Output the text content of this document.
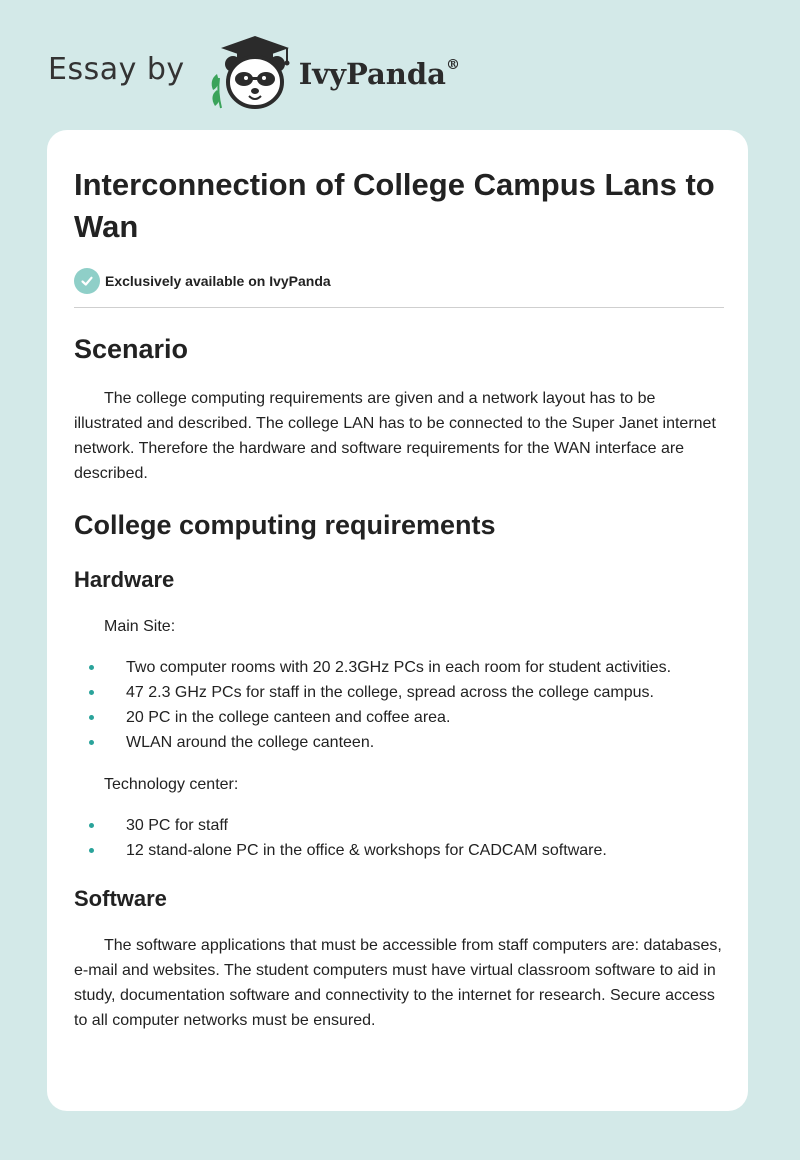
Essay by	IvyPanda®
Interconnection of College Campus Lans to Wan
Exclusively available on IvyPanda
Scenario

The college computing requirements are given and a network layout has to be illustrated and described. The college LAN has to be connected to the Super Janet internet network. Therefore the hardware and software requirements for the WAN interface are described.

College computing requirements
Hardware
Main Site:
Two computer rooms with 20 2.3GHz PCs in each room for student activities.
47 2.3 GHz PCs for staff in the college, spread across the college campus.
20 PC in the college canteen and coffee area.
WLAN around the college canteen.
Technology center:
30 PC for staff
12 stand-alone PC in the office & workshops for CADCAM software.
Software

The software applications that must be accessible from staff computers are: databases, e-mail and websites. The student computers must have virtual classroom software to aid in study, documentation software and connectivity to the internet for research. Secure access to all computer networks must be ensured.
